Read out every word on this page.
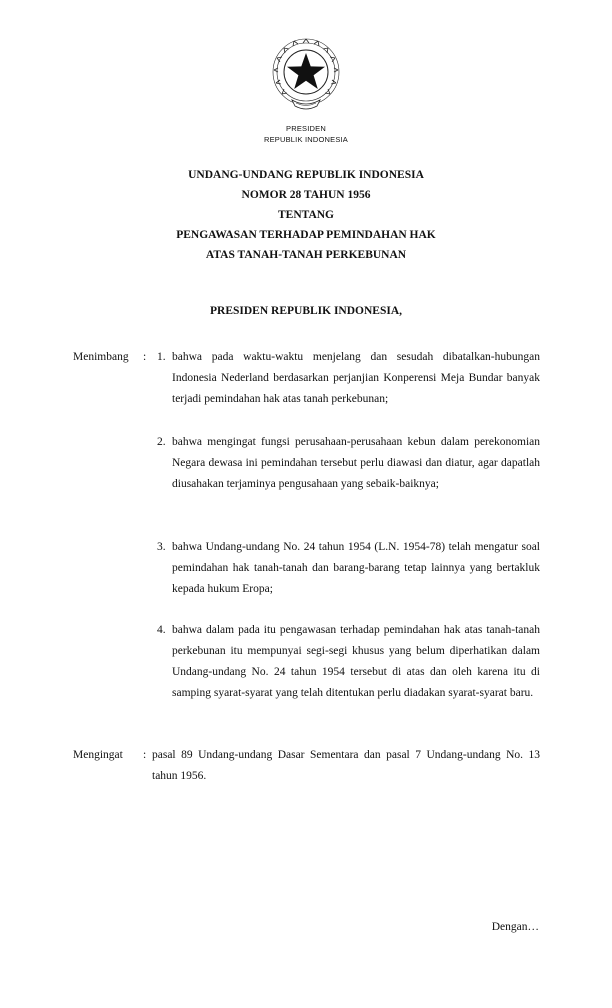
PRESIDEN
REPUBLIK INDONESIA
UNDANG-UNDANG REPUBLIK INDONESIA
NOMOR 28 TAHUN 1956
TENTANG
PENGAWASAN TERHADAP PEMINDAHAN HAK
ATAS TANAH-TANAH PERKEBUNAN
PRESIDEN REPUBLIK INDONESIA,
Menimbang : 1. bahwa pada waktu-waktu menjelang dan sesudah dibatalkan-hubungan Indonesia Nederland berdasarkan perjanjian Konperensi Meja Bundar banyak terjadi pemindahan hak atas tanah perkebunan;
2. bahwa mengingat fungsi perusahaan-perusahaan kebun dalam perekonomian Negara dewasa ini pemindahan tersebut perlu diawasi dan diatur, agar dapatlah diusahakan terjaminya pengusahaan yang sebaik-baiknya;
3. bahwa Undang-undang No. 24 tahun 1954 (L.N. 1954-78) telah mengatur soal pemindahan hak tanah-tanah dan barang-barang tetap lainnya yang bertakluk kepada hukum Eropa;
4. bahwa dalam pada itu pengawasan terhadap pemindahan hak atas tanah-tanah perkebunan itu mempunyai segi-segi khusus yang belum diperhatikan dalam Undang-undang No. 24 tahun 1954 tersebut di atas dan oleh karena itu di samping syarat-syarat yang telah ditentukan perlu diadakan syarat-syarat baru.
Mengingat : pasal 89 Undang-undang Dasar Sementara dan pasal 7 Undang-undang No. 13 tahun 1956.
Dengan…
